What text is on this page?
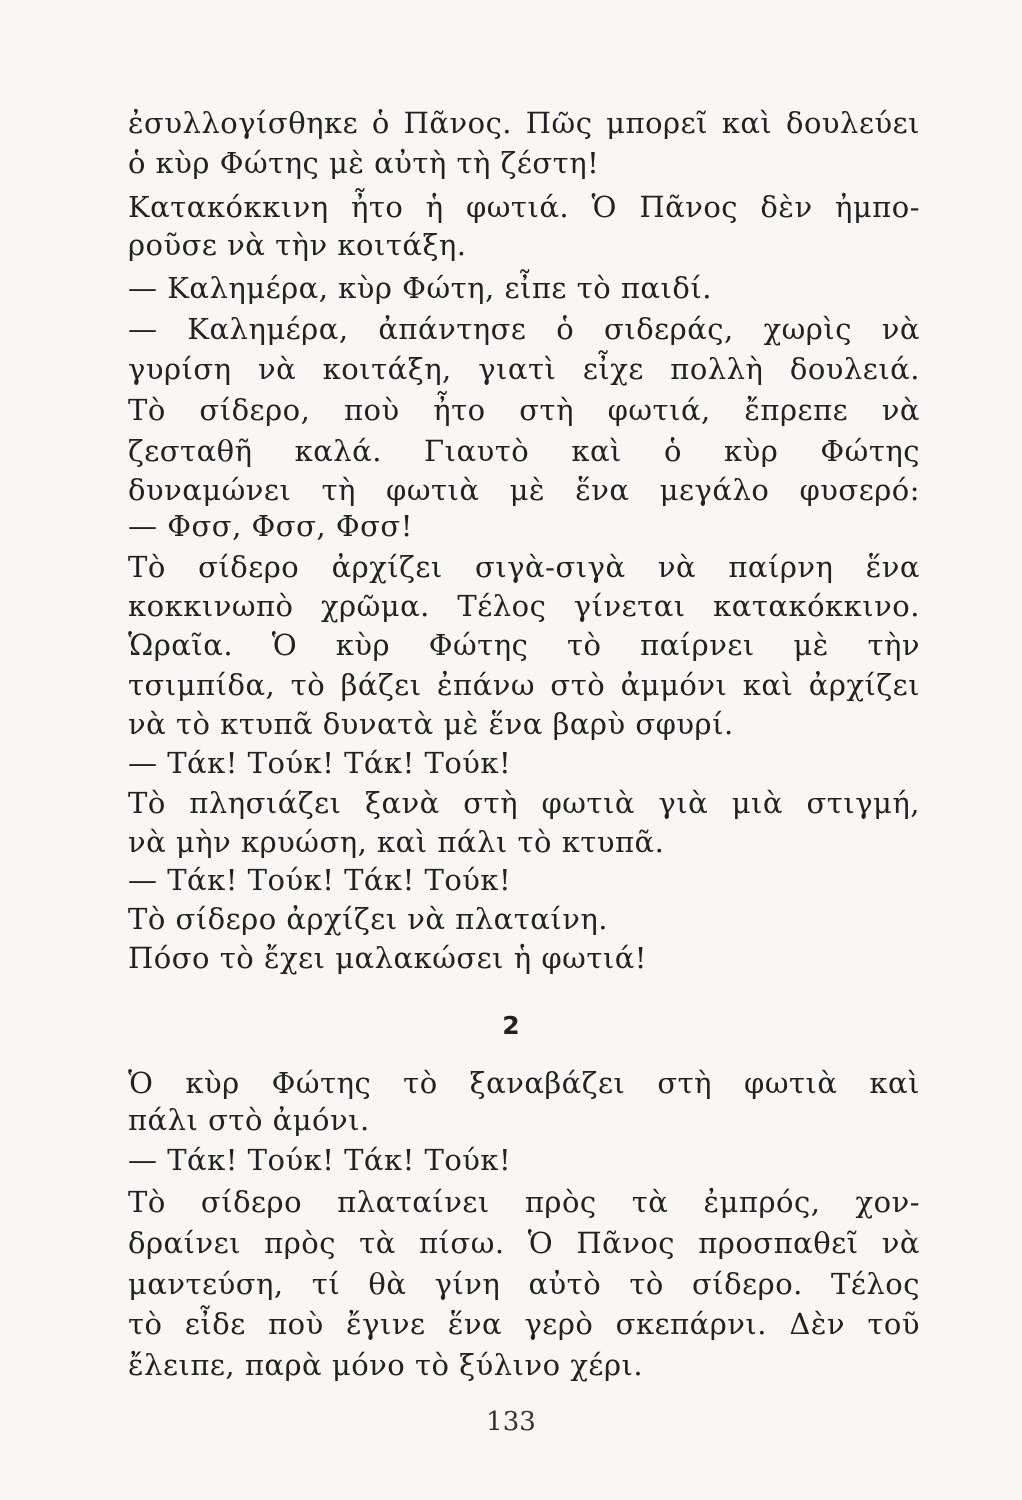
ἐσυλλογίσθηκε ὁ Πᾶνος. Πῶς μπορεῖ καὶ δουλεύει
ὁ κὺρ Φώτης μὲ αὐτὴ τὴ ζέστη!
Κατακόκκινη ἦτο ἡ φωτιά. Ὁ Πᾶνος δὲν ἠμπο-
ροῦσε νὰ τὴν κοιτάξη.
— Καλημέρα, κὺρ Φώτη, εἶπε τὸ παιδί.
— Καλημέρα, ἀπάντησε ὁ σιδεράς, χωρὶς νὰ
γυρίση νὰ κοιτάξη, γιατὶ εἶχε πολλὴ δουλειά.
Τὸ σίδερο, ποὺ ἦτο στὴ φωτιά, ἔπρεπε νὰ
ζεσταθῆ καλά. Γιαυτὸ καὶ ὁ κὺρ Φώτης
δυναμώνει τὴ φωτιὰ μὲ ἕνα μεγάλο φυσερό:
— Φσσ, Φσσ, Φσσ!
Τὸ σίδερο ἀρχίζει σιγὰ-σιγὰ νὰ παίρνη ἕνα
κοκκινωπὸ χρῶμα. Τέλος γίνεται κατακόκκινο.
Ὡραῖα. Ὁ κὺρ Φώτης τὸ παίρνει μὲ τὴν
τσιμπίδα, τὸ βάζει ἐπάνω στὸ ἀμμόνι καὶ ἀρχίζει
νὰ τὸ κτυπᾶ δυνατὰ μὲ ἕνα βαρὺ σφυρί.
— Τάκ! Τούκ! Τάκ! Τούκ!
Τὸ πλησιάζει ξανὰ στὴ φωτιὰ γιὰ μιὰ στιγμή,
νὰ μὴν κρυώση, καὶ πάλι τὸ κτυπᾶ.
— Τάκ! Τούκ! Τάκ! Τούκ!
Τὸ σίδερο ἀρχίζει νὰ πλαταίνη.
Πόσο τὸ ἔχει μαλακώσει ἡ φωτιά!
2
Ὁ κὺρ Φώτης τὸ ξαναβάζει στὴ φωτιὰ καὶ
πάλι στὸ ἀμόνι.
— Τάκ! Τούκ! Τάκ! Τούκ!
Τὸ σίδερο πλαταίνει πρὸς τὰ ἐμπρός, χον-
δραίνει πρὸς τὰ πίσω. Ὁ Πᾶνος προσπαθεῖ νὰ
μαντεύση, τί θὰ γίνη αὐτὸ τὸ σίδερο. Τέλος
τὸ εἶδε ποὺ ἔγινε ἕνα γερὸ σκεπάρνι. Δὲν τοῦ
ἔλειπε, παρὰ μόνο τὸ ξύλινο χέρι.
133
